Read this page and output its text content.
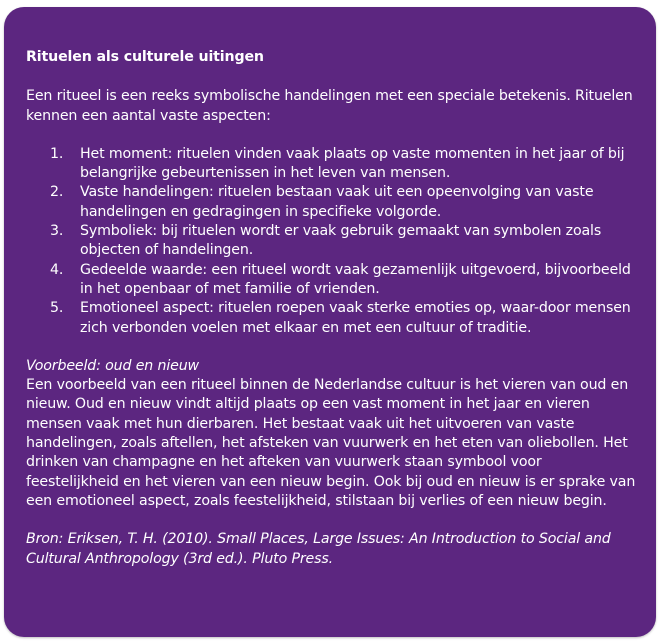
Rituelen als culturele uitingen
Een ritueel is een reeks symbolische handelingen met een speciale betekenis. Rituelen kennen een aantal vaste aspecten:
1. Het moment: rituelen vinden vaak plaats op vaste momenten in het jaar of bij belangrijke gebeurtenissen in het leven van mensen.
2. Vaste handelingen: rituelen bestaan vaak uit een opeenvolging van vaste handelingen en gedragingen in specifieke volgorde.
3. Symboliek: bij rituelen wordt er vaak gebruik gemaakt van symbolen zoals objecten of handelingen.
4. Gedeelde waarde: een ritueel wordt vaak gezamenlijk uitgevoerd, bijvoorbeeld in het openbaar of met familie of vrienden.
5. Emotioneel aspect: rituelen roepen vaak sterke emoties op, waar-door mensen zich verbonden voelen met elkaar en met een cultuur of traditie.
Voorbeeld: oud en nieuw
Een voorbeeld van een ritueel binnen de Nederlandse cultuur is het vieren van oud en nieuw. Oud en nieuw vindt altijd plaats op een vast moment in het jaar en vieren mensen vaak met hun dierbaren. Het bestaat vaak uit het uitvoeren van vaste handelingen, zoals aftellen, het afsteken van vuurwerk en het eten van oliebollen. Het drinken van champagne en het afteken van vuurwerk staan symbool voor feestelijkheid en het vieren van een nieuw begin. Ook bij oud en nieuw is er sprake van een emotioneel aspect, zoals feestelijkheid, stilstaan bij verlies of een nieuw begin.
Bron: Eriksen, T. H. (2010). Small Places, Large Issues: An Introduction to Social and Cultural Anthropology (3rd ed.). Pluto Press.
